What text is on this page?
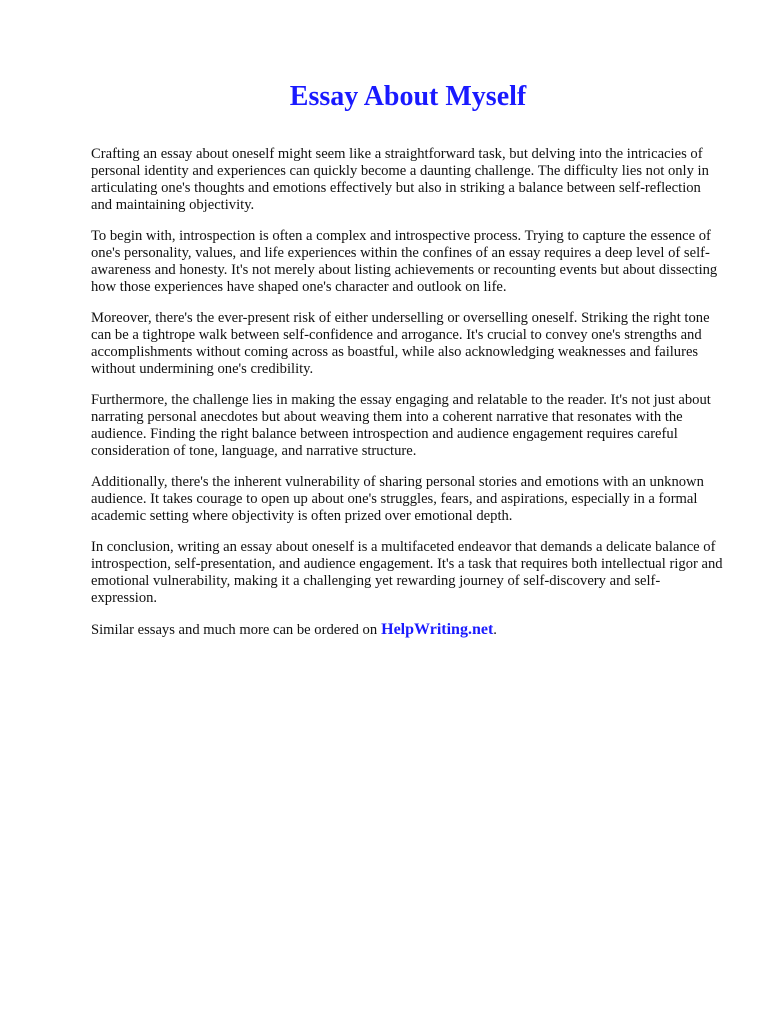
Essay About Myself

Crafting an essay about oneself might seem like a straightforward task, but delving into the intricacies of personal identity and experiences can quickly become a daunting challenge. The difficulty lies not only in articulating one's thoughts and emotions effectively but also in striking a balance between self-reflection and maintaining objectivity.

To begin with, introspection is often a complex and introspective process. Trying to capture the essence of one's personality, values, and life experiences within the confines of an essay requires a deep level of self-awareness and honesty. It's not merely about listing achievements or recounting events but about dissecting how those experiences have shaped one's character and outlook on life.

Moreover, there's the ever-present risk of either underselling or overselling oneself. Striking the right tone can be a tightrope walk between self-confidence and arrogance. It's crucial to convey one's strengths and accomplishments without coming across as boastful, while also acknowledging weaknesses and failures without undermining one's credibility.

Furthermore, the challenge lies in making the essay engaging and relatable to the reader. It's not just about narrating personal anecdotes but about weaving them into a coherent narrative that resonates with the audience. Finding the right balance between introspection and audience engagement requires careful consideration of tone, language, and narrative structure.

Additionally, there's the inherent vulnerability of sharing personal stories and emotions with an unknown audience. It takes courage to open up about one's struggles, fears, and aspirations, especially in a formal academic setting where objectivity is often prized over emotional depth.

In conclusion, writing an essay about oneself is a multifaceted endeavor that demands a delicate balance of introspection, self-presentation, and audience engagement. It's a task that requires both intellectual rigor and emotional vulnerability, making it a challenging yet rewarding journey of self-discovery and self-expression.

Similar essays and much more can be ordered on HelpWriting.net.
